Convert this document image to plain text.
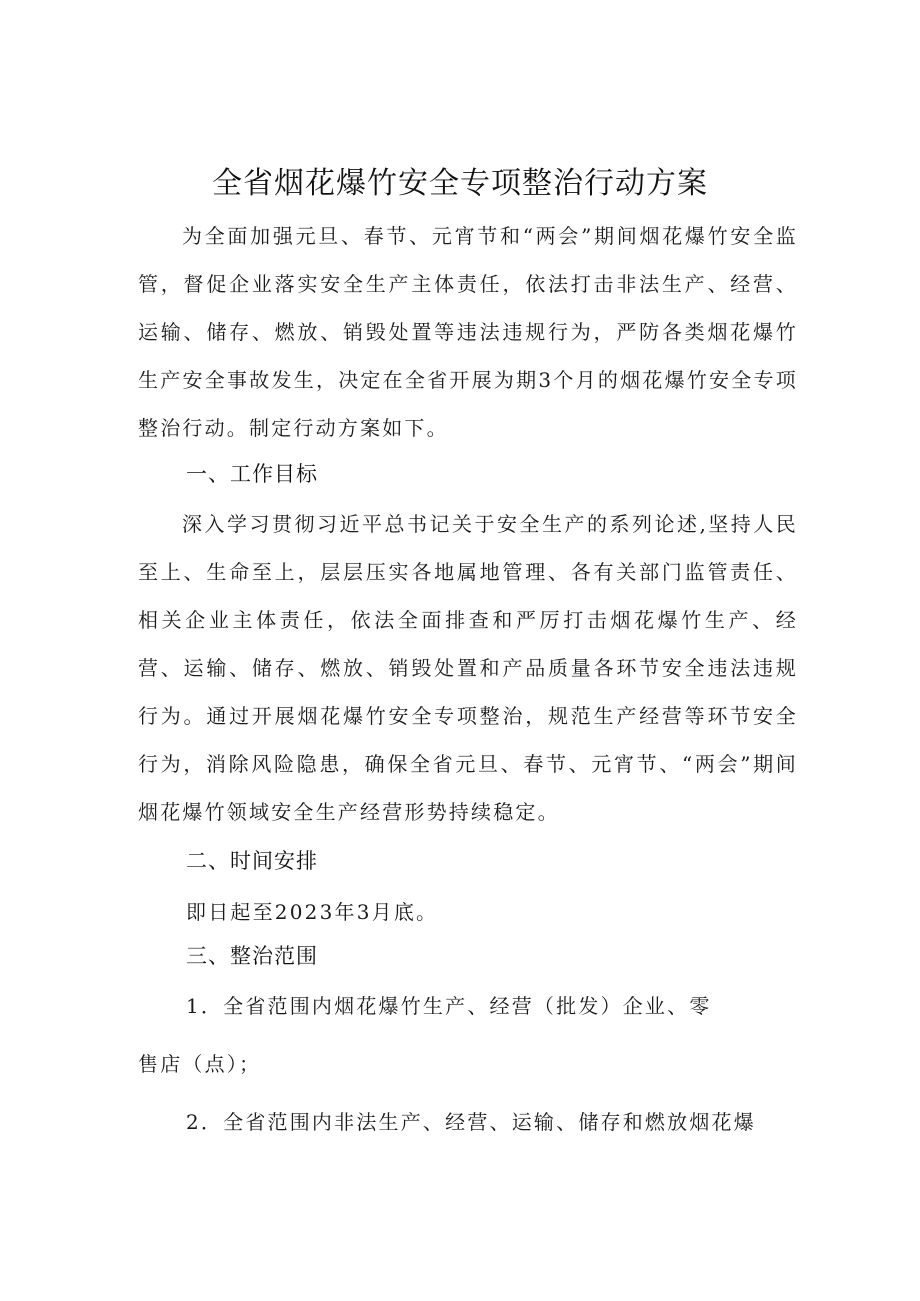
全省烟花爆竹安全专项整治行动方案

为全面加强元旦、春节、元宵节和“两会”期间烟花爆竹安全监管，督促企业落实安全生产主体责任，依法打击非法生产、经营、运输、储存、燃放、销毁处置等违法违规行为，严防各类烟花爆竹生产安全事故发生，决定在全省开展为期3个月的烟花爆竹安全专项整治行动。制定行动方案如下。

一、工作目标

深入学习贯彻习近平总书记关于安全生产的系列论述,坚持人民至上、生命至上，层层压实各地属地管理、各有关部门监管责任、相关企业主体责任，依法全面排查和严厉打击烟花爆竹生产、经营、运输、储存、燃放、销毁处置和产品质量各环节安全违法违规行为。通过开展烟花爆竹安全专项整治，规范生产经营等环节安全行为，消除风险隐患，确保全省元旦、春节、元宵节、“两会”期间烟花爆竹领域安全生产经营形势持续稳定。

二、时间安排

即日起至2023年3月底。

三、整治范围

1．全省范围内烟花爆竹生产、经营（批发）企业、零

售店（点）；

2．全省范围内非法生产、经营、运输、储存和燃放烟花爆
